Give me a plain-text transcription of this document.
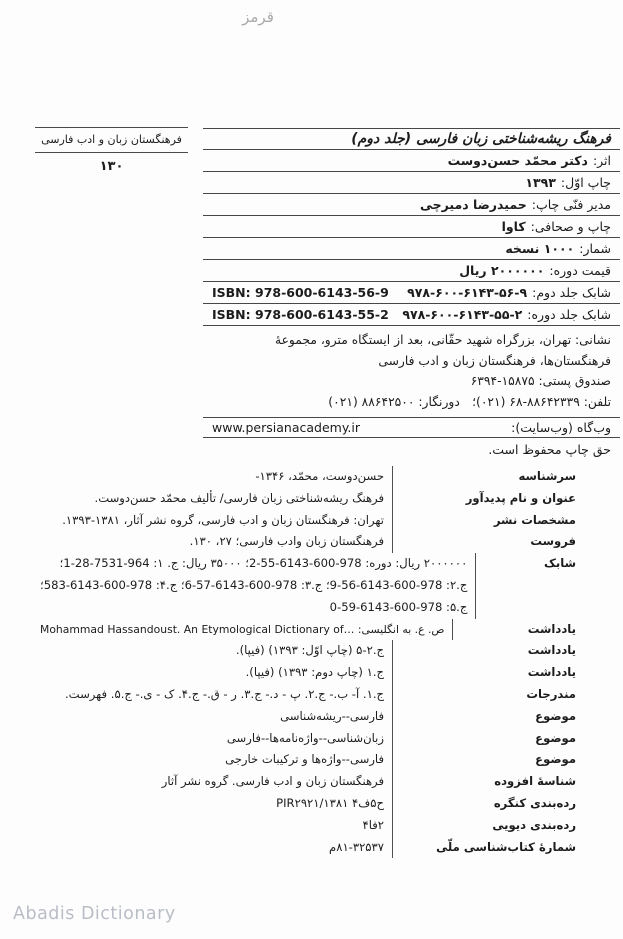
قرمز
فرهنگستان زبان و ادب فارسی
۱۳۰
فرهنگ ریشه‌شناختی زبان فارسی (جلد دوم)
اثر:
دکتر محمّد حسن‌دوست
چاپ اوّل:
۱۳۹۳
مدیر فنّی چاپ:
حمیدرضا دمیرچی
چاپ و صحافی:
کاوا
شمار:
۱۰۰۰ نسخه
قیمت دوره:
۲۰۰۰۰۰۰ ریال
شابک جلد دوم:
۹۷۸-۶۰۰-۶۱۴۳-۵۶-۹
ISBN: 978-600-6143-56-9
شابک جلد دوره:
۹۷۸-۶۰۰-۶۱۴۳-۵۵-۲
ISBN: 978-600-6143-55-2
نشانی: تهران، بزرگراه شهید حقّانی، بعد از ایستگاه مترو، مجموعهٔ
فرهنگستان‌ها، فرهنگستان زبان و ادب فارسی
صندوق پستی: ۱۵۸۷۵-۶۳۹۴
تلفن: ۸۸۶۴۲۳۳۹-۶۸ (۰۲۱)؛  دورنگار: ۸۸۶۴۲۵۰۰ (۰۲۱)
وب‌گاه (وب‌سایت):
www.persianacademy.ir
حق چاپ محفوظ است.
سرشناسه
حسن‌دوست، محمّد، ۱۳۴۶-
عنوان و نام پدیدآور
فرهنگ ریشه‌شناختی زبان فارسی/ تألیف محمّد حسن‌دوست.
مشخصات نشر
تهران: فرهنگستان زبان و ادب فارسی، گروه نشر آثار، ۱۳۸۱-۱۳۹۳.
فروست
فرهنگستان زبان وادب فارسی؛ ۲۷، ۱۳۰.
شابک
۲۰۰۰۰۰۰ ریال: دوره: 978-600-6143-55-2؛ ۳۵۰۰۰ ریال: ج. ۱: 964-7531-28-1؛
ج.۲: 978-600-6143-56-9؛ ج.۳: 978-600-6143-57-6؛ ج.۴: 978-600-6143-583؛
ج.۵: 978-600-6143-59-0
یادداشت
ص. ع. به انگلیسی: Mohammad Hassandoust. An Etymological Dictionary of…‎
یادداشت
ج.۲-۵ (چاپ اوّل: ۱۳۹۳) (فیپا).
یادداشت
ج.۱ (چاپ دوم: ۱۳۹۳) (فیپا).
مندرجات
ج.۱. آ- ب.- ج.۲. پ - د.- ج.۳. ر - ق.- ج.۴. ک - ی.- ج.۵. فهرست.
موضوع
فارسی--ریشه‌شناسی
موضوع
زبان‌شناسی--واژه‌نامه‌ها--فارسی
موضوع
فارسی--واژه‌ها و ترکیبات خارجی
شناسهٔ افزوده
فرهنگستان زبان و ادب فارسی. گروه نشر آثار
رده‌بندی کنگره
PIR۲۹۲۱/ح۵ف۴ ۱۳۸۱
رده‌بندی دیویی
۲فا۴
شمارهٔ کتاب‌شناسی ملّی
۸۱-۳۲۵۳۷م
Abadis Dictionary
